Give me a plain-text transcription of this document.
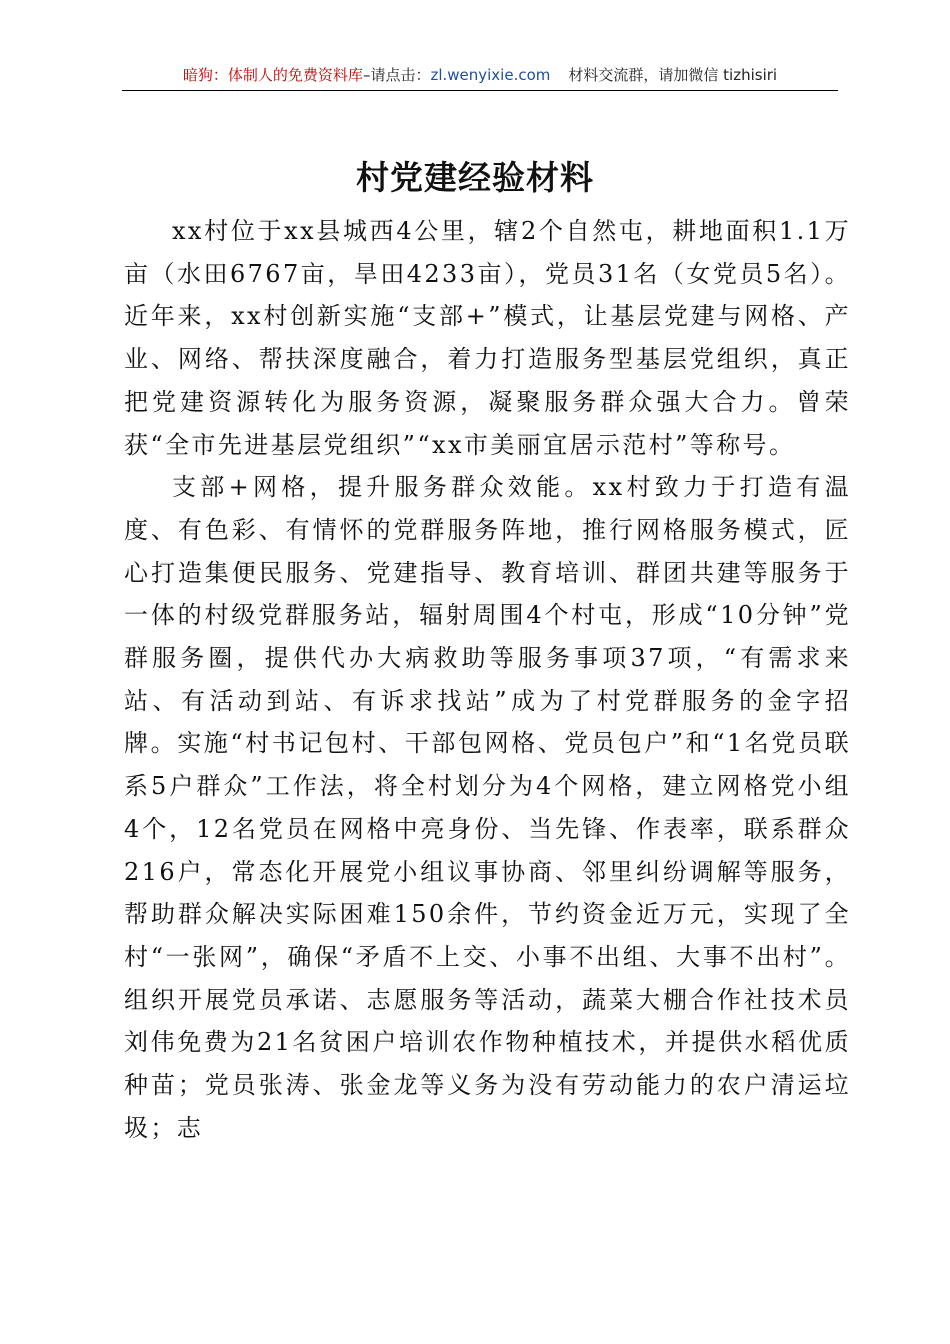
暗狗：体制人的免费资料库–请点击：zl.wenyixie.com 材料交流群，请加微信 tizhisiri
村党建经验材料

xx村位于xx县城西4公里，辖2个自然屯，耕地面积1.1万亩（水田6767亩，旱田4233亩），党员31名（女党员5名）。近年来，xx村创新实施“支部+”模式，让基层党建与网格、产业、网络、帮扶深度融合，着力打造服务型基层党组织，真正把党建资源转化为服务资源，凝聚服务群众强大合力。曾荣获“全市先进基层党组织”“xx市美丽宜居示范村”等称号。

支部+网格，提升服务群众效能。xx村致力于打造有温度、有色彩、有情怀的党群服务阵地，推行网格服务模式，匠心打造集便民服务、党建指导、教育培训、群团共建等服务于一体的村级党群服务站，辐射周围4个村屯，形成“10分钟”党群服务圈，提供代办大病救助等服务事项37项，“有需求来站、有活动到站、有诉求找站”成为了村党群服务的金字招牌。实施“村书记包村、干部包网格、党员包户”和“1名党员联系5户群众”工作法，将全村划分为4个网格，建立网格党小组4个，12名党员在网格中亮身份、当先锋、作表率，联系群众216户，常态化开展党小组议事协商、邻里纠纷调解等服务，帮助群众解决实际困难150余件，节约资金近万元，实现了全村“一张网”，确保“矛盾不上交、小事不出组、大事不出村”。组织开展党员承诺、志愿服务等活动，蔬菜大棚合作社技术员刘伟免费为21名贫困户培训农作物种植技术，并提供水稻优质种苗；党员张涛、张金龙等义务为没有劳动能力的农户清运垃圾；志
